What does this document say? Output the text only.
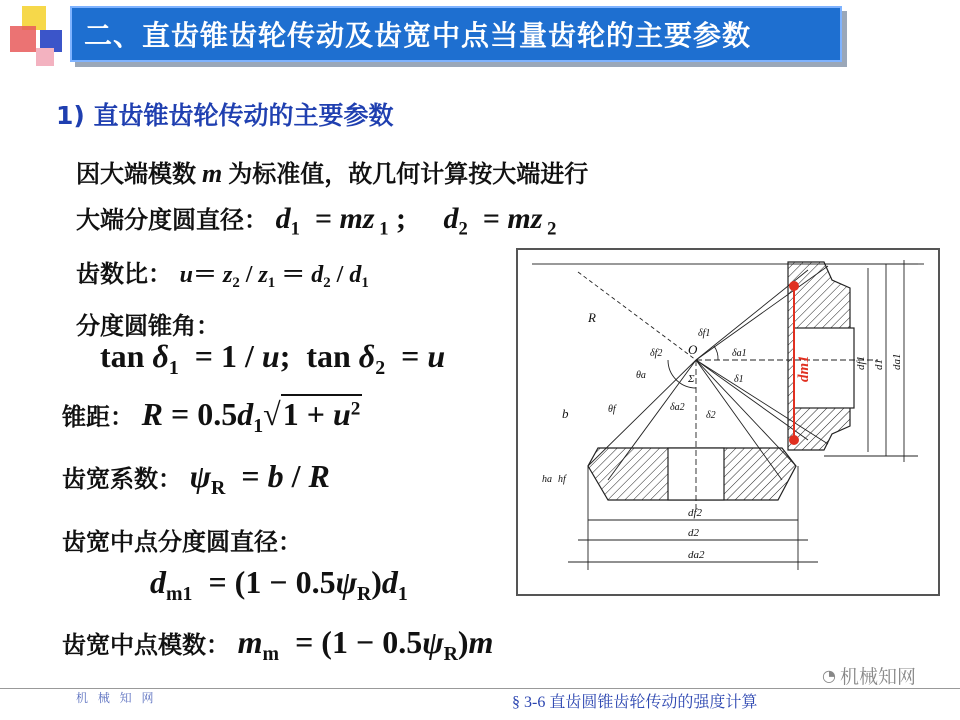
二、直齿锥齿轮传动及齿宽中点当量齿轮的主要参数
1) 直齿锥齿轮传动的主要参数
因大端模数 m 为标准值，故几何计算按大端进行
大端分度圆直径： $d_1$  = mz $_1$ ;     $d_2$  = mz $_2$
齿数比： $u= z_2 / z_1 = d_2 / d_1$
分度圆锥角：
$\tan \delta_1 = 1 / u$;  $\tan \delta_2 = u$
锥距： $R = 0.5d_1√1 + u^2$
齿宽系数： $\psi_R = b / R$
齿宽中点分度圆直径：
$d_{m1} = (1 - 0.5\psi_R)d_1$
齿宽中点模数： $m_m = (1 - 0.5\psi_R)m$
O
R
b
Σ
δf1
δf2	δa1
δa2
δ1
δ2
θa
θf
ha hf
dm1	df1 d1 da1
df2
d2
da2
◔ 机械知网
机 械 知 网	§ 3-6 直齿圆锥齿轮传动的强度计算
